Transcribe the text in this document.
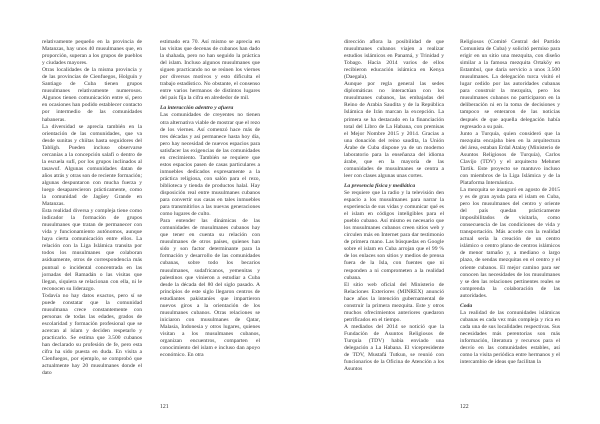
relativamente pequeño en la provincia de Matanzas, hay unos 40 musulmanes que, en proporción, superan a los grupos de pueblos y ciudades mayores.

Otras localidades de la misma provincia y de las provincias de Cienfuegos, Holguín y Santiago de Cuba tienen grupos musulmanes relativamente numerosos. Algunos tienen comunicación entre sí, pero en ocasiones han podido establecer contacto por intermedio de las comunidades habaneras.

La diversidad se aprecia también en la orientación de las comunidades, que va desde sunitas y chiítas hasta seguidores del Tablígh. Pueden incluso observarse cercanías a la concepción salafí o dentro de la escuela sufí, por los grupos inclinados al tasawuf. Algunas comunidades datan de años atrás y otras son de reciente formación; algunas despuntaron con mucha fuerza y luego desaparecieron prácticamente, como la comunidad de Jagüey Grande en Matanzas.

Esta realidad diversa y compleja tiene como indicador la formación de grupos musulmanes que tratan de permanecer con vida y funcionamiento autónomos, aunque haya cierta comunicación entre ellos. La relación con la Liga Islámica transita por todos los musulmanes que colaboran asiduamente, otros de correspondencia más puntual o incidental concentrada en las jornadas del Ramadán o las visitas que llegan, siquiera se relacionan con ella, ni le reconocen su liderazgo.

Todavía no hay datos exactos, pero sí se puede constatar que la comunidad musulmana crece constantemente con personas de todas las edades, grados de escolaridad y formación profesional que se acercan al islam y deciden respetarlo y practicarlo. Se estima que 3.500 cubanos han declarado su profesión de fe, pero esta cifra ha sido puesta en duda. En visita a Cienfuegos, por ejemplo, se comprobó que actualmente hay 20 musulmanes donde el dato

estimado era 70. Así mismo se aprecia en las visitas que decenas de cubanos han dado la shahada, pero no han seguido la práctica del islam. Incluso algunos musulmanes que siguen practicando no se reúnen los viernes por diversos motivos y esto dificulta el trabajo estadístico. No obstante, el consenso entre varios hermanos de distintos lugares del país fija la cifra en alrededor de mil.

La interacción adentro y afuera

Las comunidades de creyentes no tienen otra alternativa viable de mostrar que el rezo de los viernes. Así comenzó hace más de tres décadas y así permanece hasta hoy día, pero hay necesidad de nuevos espacios para satisfacer las exigencias de las comunidades en crecimiento. También se requiere que estos espacios pasen de casas particulares a inmuebles dedicados expresamente a la práctica religiosa, con salón para el rezo, biblioteca y tienda de productos halal. Hay disposición real entre musulmanes cubanos para convertir sus casas en tales inmuebles para transmitirlos a las nuevas generaciones como lugares de culto.

Para entender las dinámicas de las comunidades de musulmanes cubanos hay que tener en cuenta su relación con musulmanes de otros países, quienes han sido y son factor determinante para la formación y desarrollo de las comunidades cubanas, sobre todo los becarios musulmanes, sudafricanos, yemenitas y palestinos que vinieron a estudiar a Cuba desde la década del 80 del siglo pasado. A principios de este siglo llegaron centros de estudiantes pakistaníes que impartieron nuevos giros a la orientación de los musulmanes cubanos. Otras relaciones se iniciaron con musulmanes de Qatar, Malasia, Indonesia y otros lugares, quienes visitan a los musulmanes cubanos, organizan encuentros, comparten el conocimiento del islam e incluso dan apoyo económico. En otra

121

dirección aflora la posibilidad de que musulmanes cubanos viajen a realizar estudios islámicos en Panamá, y Trinidad y Tobago. Hacia 2014 varios de ellos recibieron educación islámica en Kenya (Daegala).

Aunque por regla general las sedes diplomáticas no interactúan con los musulmanes cubanos, las embajadas del Reino de Arabia Saudita y de la República Islámica de Irán marcan la excepción. La primera se ha destacado en la financiación total del Libro de La Habana, con premisas el Mejor Nombre 2015 y 2014. Gracias a una donación del reino saudita, la Unión Árabe de Cuba dispone ya de un moderno laboratorio para la enseñanza del idioma árabe, que en la mayoría de las comunidades de musulmanes se centra a leer con clases algunas unas cortes.

La presencia física y mediática

Se requiere que la radio y la televisión den espacio a los musulmanes para narrar la experiencia de sus vidas y comunicar qué es el islam en códigos inteligibles para el pueblo cubano. Así mismo es necesario que los musulmanes cubanos creen sitios web y circulen más en Internet para dar testimonio de primera mano. Las búsquedas en Google sobre el islam en Cuba arrojan que el 99 % de los enlaces son sitios y medios de prensa fuera de la Isla, con fuentes que ni responden a ni comprometen a la realidad cubana.

El sitio web oficial del Ministerio de Relaciones Exteriores (MINREX) anunció hace años la intención gubernamental de construir la primera mezquita. Este y otros muchos ofrecimientos anteriores quedaron petrificados en el tiempo.

A mediados del 2014 se notició que la Fundación de Asuntos Religiosos de Turquía (TDV) había enviado una delegación a La Habana. El vicepresidente de TDV, Mustafá Tutkun, se reunió con funcionarios de la Oficina de Atención a los Asuntos

Religiosos (Comité Central del Partido Comunista de Cuba) y solicitó permiso para erigir en un sitio una mezquita, con diseño similar a la famosa mezquita Ortaköy en Estambul, que daría servicio a unos 3.500 musulmanes. La delegación turca visitó el lugar cedido por las autoridades cubanas para construir la mezquita, pero los musulmanes cubanos no participaron en la deliberación ni en la toma de decisiones y tampoco se enteraron de las noticias después de que aquella delegación había regresado a su país.

Junto a Turquía, quien consideró que la mezquita encajaba bien en la arquitectura del área, estaban Erdal Atalay (Ministerio de Asuntos Religiosos de Turquía), Carlos Clavijo (TDV) y el arquitecto Mehmet Tartik. Este proyecto se mantuvo incluso con miembros de la Liga Islámica y de la Plataforma Internáutica.

La mezquita se inauguró en agosto de 2015 y es de gran ayuda para el islam en Cuba, pero los musulmanes del centro y oriente del país quedan prácticamente imposibilitados de visitarla, como consecuencia de las condiciones de vida y transportación. Más acorde con la realidad actual sería la creación de un centro islámico o centro plano de centros islámicos de menor tamaño y, a mediano o largo plazo, de sendas mezquitas en el centro y el oriente cubanos. El mejor camino para ser conocen las necesidades de los musulmanes y se den las relaciones pertinentes reales se comprenda la colaboración de las autoridades.

Coda

La realidad de las comunidades islámicas cubanas es cada vez más compleja y rica en cada una de sus localidades respectivas. Sus necesidades más perentorias son más información, literatura y recursos para el desvío en las comunidades estables, así como la visita periódica entre hermanos y el intercambio de ideas que facilitan la

122
